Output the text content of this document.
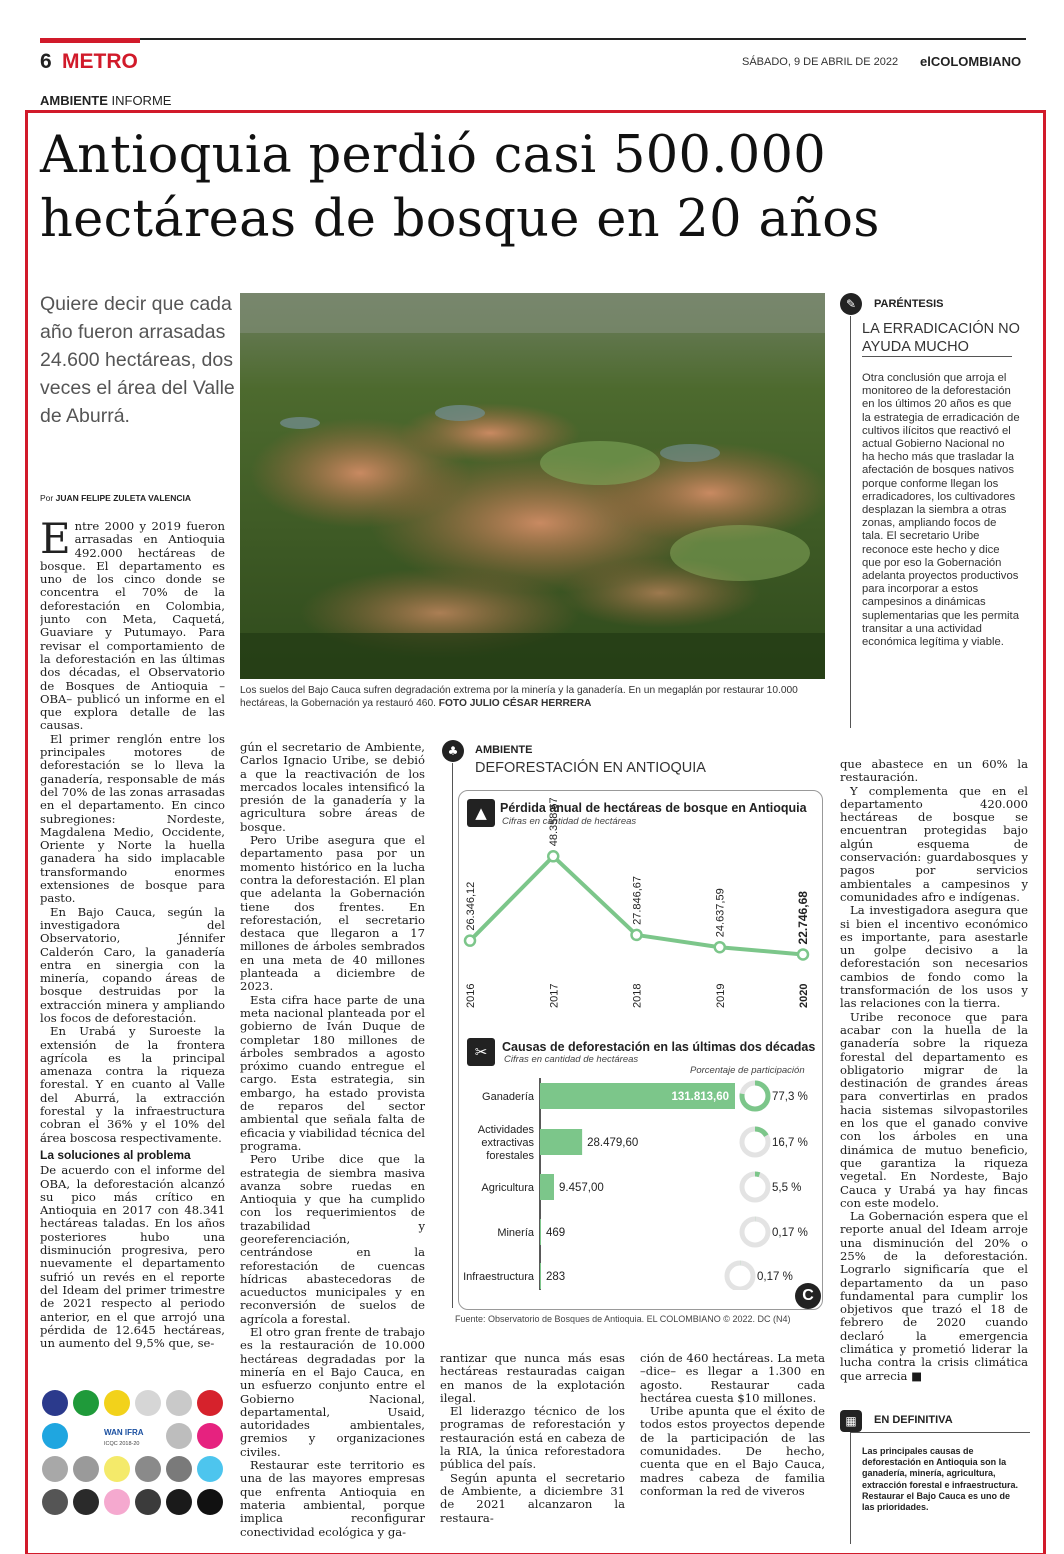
6 METRO	SÁBADO, 9 DE ABRIL DE 2022 elCOLOMBIANO
AMBIENTE INFORME
Antioquia perdió casi 500.000
hectáreas de bosque en 20 años
Quiere decir que cada año fueron arrasadas 24.600 hectáreas, dos veces el área del Valle de Aburrá.
Por JUAN FELIPE ZULETA VALENCIA

Entre 2000 y 2019 fueron arrasadas en Antioquia 492.000 hectáreas de bosque. El departamento es uno de los cinco donde se concentra el 70% de la deforestación en Colombia, junto con Meta, Caquetá, Guaviare y Putumayo. Para revisar el comportamiento de la deforestación en las últimas dos décadas, el Observatorio de Bosques de Antioquia –OBA– publicó un informe en el que explora detalle de las causas.

El primer renglón entre los principales motores de deforestación se lo lleva la ganadería, responsable de más del 70% de las zonas arrasadas en el departamento. En cinco subregiones: Nordeste, Magdalena Medio, Occidente, Oriente y Norte la huella ganadera ha sido implacable transformando enormes extensiones de bosque para pasto.

En Bajo Cauca, según la investigadora del Observatorio, Jénnifer Calderón Caro, la ganadería entra en sinergia con la minería, copando áreas de bosque destruidas por la extracción minera y ampliando los focos de deforestación.

En Urabá y Suroeste la extensión de la frontera agrícola es la principal amenaza contra la riqueza forestal. Y en cuanto al Valle del Aburrá, la extracción forestal y la infraestructura cobran el 36% y el 10% del área boscosa respectivamente.

La soluciones al problema

De acuerdo con el informe del OBA, la deforestación alcanzó su pico más crítico en Antioquia en 2017 con 48.341 hectáreas taladas. En los años posteriores hubo una disminución progresiva, pero nuevamente el departamento sufrió un revés en el reporte del Ideam del primer trimestre de 2021 respecto al periodo anterior, en el que arrojó una pérdida de 12.645 hectáreas, un aumento del 9,5% que, se-

Los suelos del Bajo Cauca sufren degradación extrema por la minería y la ganadería. En un megaplán por restaurar 10.000 hectáreas, la Gobernación ya restauró 460. FOTO JULIO CÉSAR HERRERA
✎	PARÉNTESIS
LA ERRADICACIÓN NO AYUDA MUCHO
Otra conclusión que arroja el monitoreo de la deforestación en los últimos 20 años es que la estrategia de erradicación de cultivos ilícitos que reactivó el actual Gobierno Nacional no ha hecho más que trasladar la afectación de bosques nativos porque conforme llegan los erradicadores, los cultivadores desplazan la siembra a otras zonas, ampliando focos de tala. El secretario Uribe reconoce este hecho y dice que por eso la Gobernación adelanta proyectos productivos para incorporar a estos campesinos a dinámicas suplementarias que les permita transitar a una actividad económica legítima y viable.

gún el secretario de Ambiente, Carlos Ignacio Uribe, se debió a que la reactivación de los mercados locales intensificó la presión de la ganadería y la agricultura sobre áreas de bosque.

Pero Uribe asegura que el departamento pasa por un momento histórico en la lucha contra la deforestación. El plan que adelanta la Gobernación tiene dos frentes. En reforestación, el secretario destaca que llegaron a 17 millones de árboles sembrados en una meta de 40 millones planteada a diciembre de 2023.

Esta cifra hace parte de una meta nacional planteada por el gobierno de Iván Duque de completar 180 millones de árboles sembrados a agosto próximo cuando entregue el cargo. Esta estrategia, sin embargo, ha estado provista de reparos del sector ambiental que señala falta de eficacia y viabilidad técnica del programa.

Pero Uribe dice que la estrategia de siembra masiva avanza sobre ruedas en Antioquia y que ha cumplido con los requerimientos de trazabilidad y georeferenciación, centrándose en la reforestación de cuencas hídricas abastecedoras de acueductos municipales y en reconversión de suelos de agrícola a forestal.

El otro gran frente de trabajo es la restauración de 10.000 hectáreas degradadas por la minería en el Bajo Cauca, en un esfuerzo conjunto entre el Gobierno Nacional, departamental, Usaid, autoridades ambientales, gremios y organizaciones civiles.

Restaurar este territorio es una de las mayores empresas que enfrenta Antioquia en materia ambiental, porque implica reconfigurar conectividad ecológica y ga-

♣	AMBIENTE
DEFORESTACIÓN EN ANTIOQUIA
▲	Pérdida anual de hectáreas de bosque en Antioquia
Cifras en cantidad de hectáreas
26.346,12
2016
48.358,67
2017
27.846,67
2018
24.637,59
2019
22.746,68
2020
✂	Causas de deforestación en las últimas dos décadas
Cifras en cantidad de hectáreas
Porcentaje de participación
Ganadería	131.813,60	77,3 %
Actividades
extractivas
forestales
28.479,60	16,7 %
Agricultura 9.457,00	5,5 %
Minería 469	0,17 %
Infraestructura 283	0,17 %
C
Fuente: Observatorio de Bosques de Antioquia. EL COLOMBIANO © 2022. DC (N4)

rantizar que nunca más esas hectáreas restauradas caigan en manos de la explotación ilegal.

El liderazgo técnico de los programas de reforestación y restauración está en cabeza de la RIA, la única reforestadora pública del país.

Según apunta el secretario de Ambiente, a diciembre 31 de 2021 alcanzaron la restaura-

ción de 460 hectáreas. La meta –dice– es llegar a 1.300 en agosto. Restaurar cada hectárea cuesta $10 millones.

Uribe apunta que el éxito de todos estos proyectos depende de la participación de las comunidades. De hecho, cuenta que en el Bajo Cauca, madres cabeza de familia conforman la red de viveros

que abastece en un 60% la restauración.

Y complementa que en el departamento 420.000 hectáreas de bosque se encuentran protegidas bajo algún esquema de conservación: guardabosques y pagos por servicios ambientales a campesinos y comunidades afro e indígenas.

La investigadora asegura que si bien el incentivo económico es importante, para asestarle un golpe decisivo a la deforestación son necesarios cambios de fondo como la transformación de los usos y las relaciones con la tierra.

Uribe reconoce que para acabar con la huella de la ganadería sobre la riqueza forestal del departamento es obligatorio migrar de la destinación de grandes áreas para convertirlas en prados hacia sistemas silvopastoriles en los que el ganado convive con los árboles en una dinámica de mutuo beneficio, que garantiza la riqueza vegetal. En Nordeste, Bajo Cauca y Urabá ya hay fincas con este modelo.

La Gobernación espera que el reporte anual del Ideam arroje una disminución del 20% o 25% de la deforestación. Lograrlo significaría que el departamento da un paso fundamental para cumplir los objetivos que trazó el 18 de febrero de 2020 cuando declaró la emergencia climática y prometió liderar la lucha contra la crisis climática que arrecia ■

▦	EN DEFINITIVA
Las principales causas de deforestación en Antioquia son la ganadería, minería, agricultura, extracción forestal e infraestructura. Restaurar el Bajo Cauca es uno de las prioridades.
WAN IFRA
ICQC 2018-20
